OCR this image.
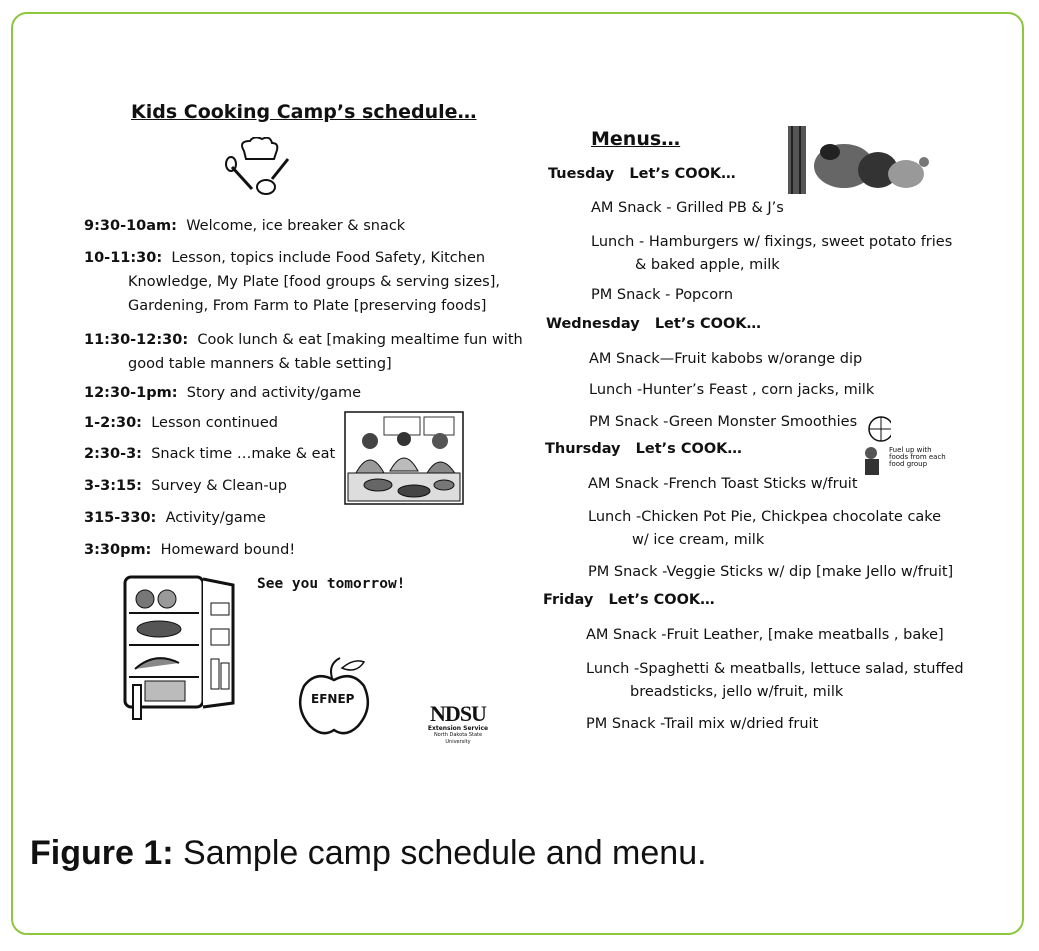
Kids Cooking Camp’s schedule…
9:30-10am: Welcome, ice breaker & snack
10-11:30: Lesson, topics include Food Safety, Kitchen
Knowledge, My Plate [food groups & serving sizes],
Gardening, From Farm to Plate [preserving foods]
11:30-12:30: Cook lunch & eat [making mealtime fun with
good table manners & table setting]
12:30-1pm: Story and activity/game
1-2:30: Lesson continued
2:30-3: Snack time …make & eat
3-3:15: Survey & Clean-up
315-330: Activity/game
3:30pm: Homeward bound!
See you tomorrow!
EFNEP
NDSU
Extension Service
North Dakota State University
Menus…
Tuesday Let’s COOK…
AM Snack - Grilled PB & J’s
Lunch - Hamburgers w/ fixings, sweet potato fries
& baked apple, milk
PM Snack - Popcorn
Wednesday Let’s COOK…
AM Snack—Fruit kabobs w/orange dip
Lunch -Hunter’s Feast , corn jacks, milk
PM Snack -Green Monster Smoothies
Fuel up with foods from each food group
Thursday Let’s COOK…
AM Snack -French Toast Sticks w/fruit
Lunch -Chicken Pot Pie, Chickpea chocolate cake
w/ ice cream, milk
PM Snack -Veggie Sticks w/ dip [make Jello w/fruit]
Friday Let’s COOK…
AM Snack -Fruit Leather, [make meatballs , bake]
Lunch -Spaghetti & meatballs, lettuce salad, stuffed
breadsticks, jello w/fruit, milk
PM Snack -Trail mix w/dried fruit
Figure 1: Sample camp schedule and menu.
